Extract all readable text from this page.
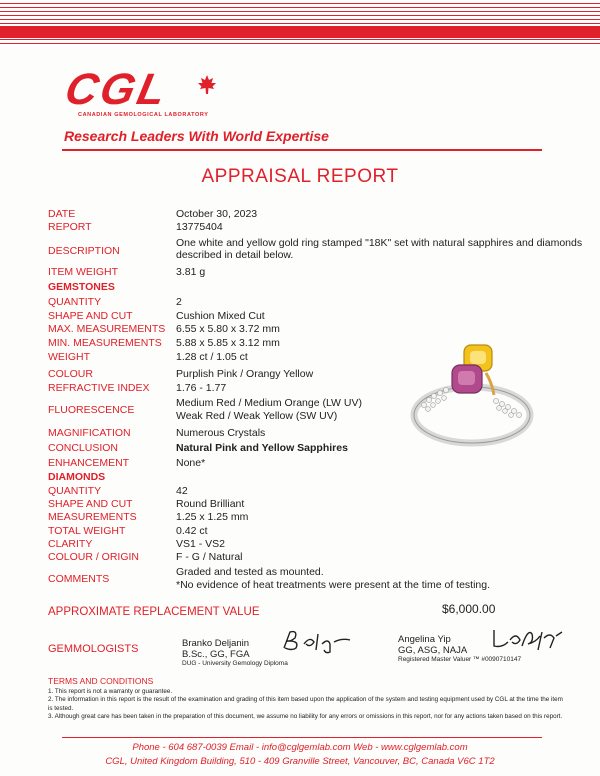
CGL
CANADIAN GEMOLOGICAL LABORATORY
Research Leaders With World Expertise
APPRAISAL REPORT
DATE	October 30, 2023
REPORT	13775404
DESCRIPTION
One white and yellow gold ring stamped "18K" set with natural sapphires and diamonds described in detail below.
ITEM WEIGHT	3.81 g
GEMSTONES
QUANTITY	2
SHAPE AND CUT	Cushion Mixed Cut
MAX. MEASUREMENTS	6.55 x 5.80 x 3.72 mm
MIN. MEASUREMENTS	5.88 x 5.85 x 3.12 mm
WEIGHT	1.28 ct / 1.05 ct
COLOUR	Purplish Pink / Orangy Yellow
REFRACTIVE INDEX	1.76 - 1.77
FLUORESCENCE
Medium Red / Medium Orange (LW UV)
Weak Red / Weak Yellow (SW UV)
MAGNIFICATION	Numerous Crystals
CONCLUSION	Natural Pink and Yellow Sapphires
ENHANCEMENT	None*
DIAMONDS
QUANTITY	42
SHAPE AND CUT	Round Brilliant
MEASUREMENTS	1.25 x 1.25 mm
TOTAL WEIGHT	0.42 ct
CLARITY	VS1 - VS2
COLOUR / ORIGIN	F - G / Natural
COMMENTS
Graded and tested as mounted.
*No evidence of heat treatments were present at the time of testing.
APPROXIMATE REPLACEMENT VALUE	$6,000.00
GEMMOLOGISTS	Branko Deljanin
B.Sc., GG, FGA
DUG - University Gemology Diploma
Angelina Yip
GG, ASG, NAJA
Registered Master Valuer ™ #0090710147
TERMS AND CONDITIONS
1. This report is not a warranty or guarantee.
2. The information in this report is the result of the examination and grading of this item based upon the application of the system and testing equipment used by CGL at the time the item is tested.
3. Although great care has been taken in the preparation of this document, we assume no liability for any errors or omissions in this report, nor for any actions taken based on this report.
Phone - 604 687-0039 Email - info@cglgemlab.com Web - www.cglgemlab.com
CGL, United Kingdom Building, 510 - 409 Granville Street, Vancouver, BC, Canada V6C 1T2
